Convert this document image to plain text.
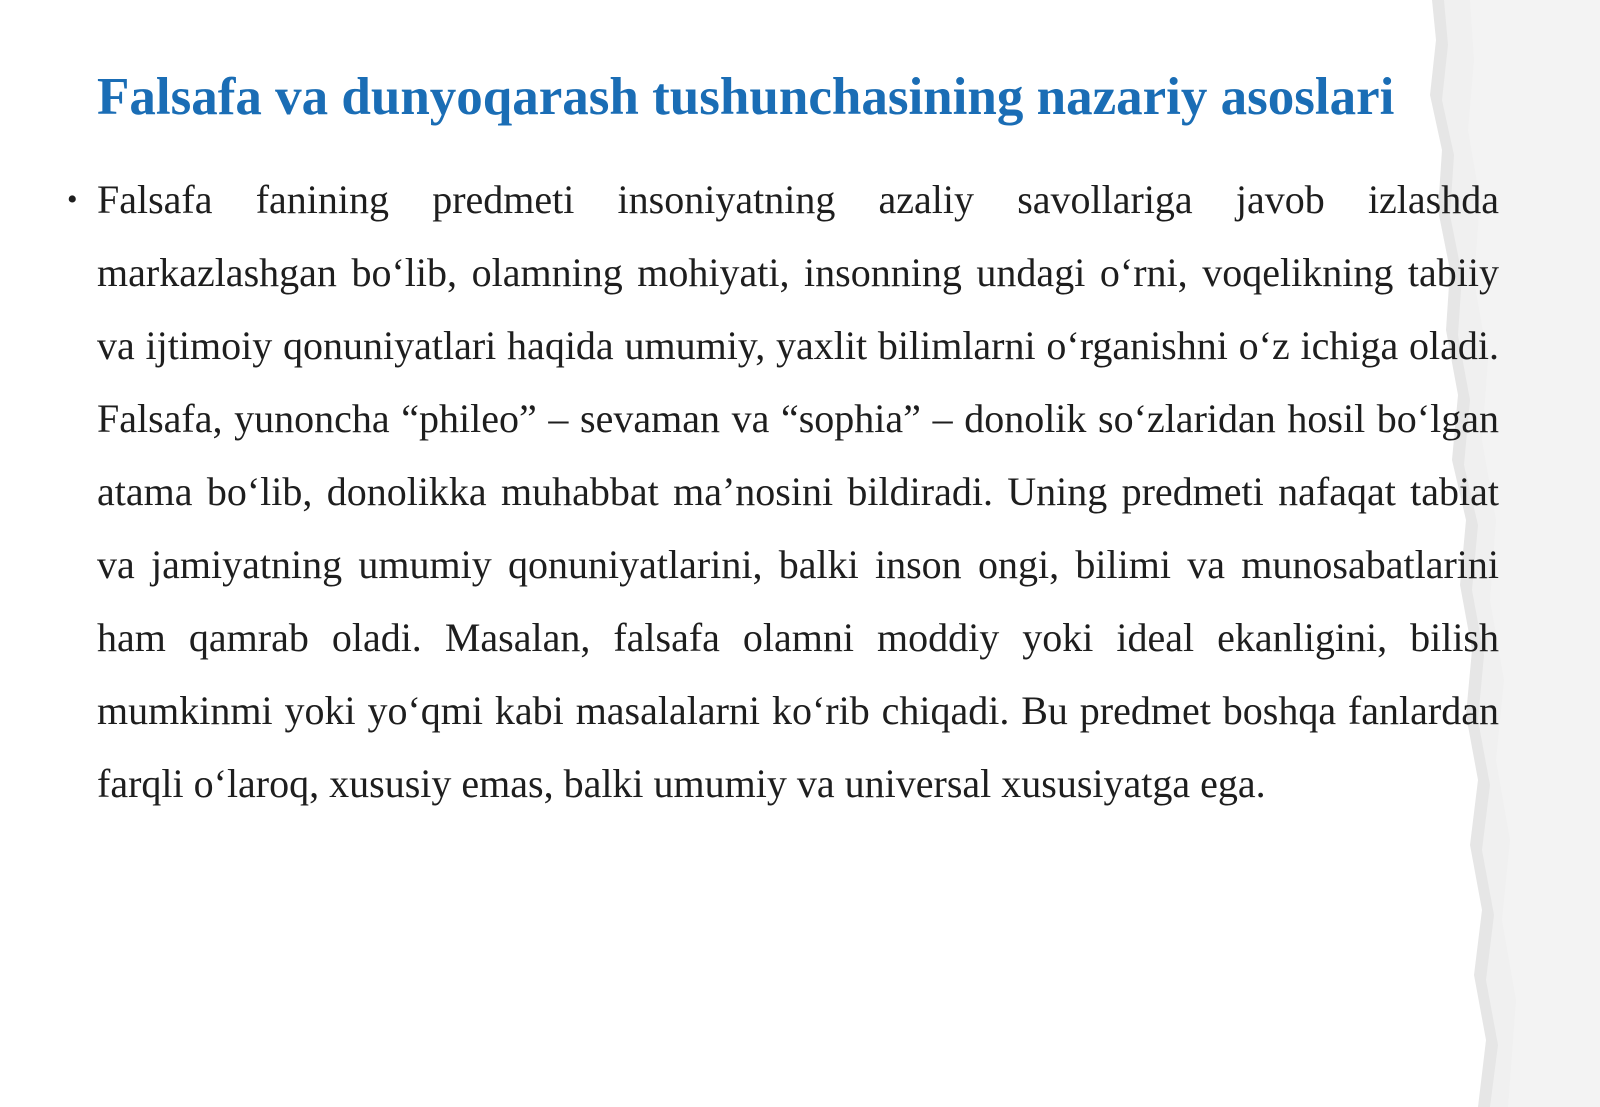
Falsafa va dunyoqarash tushunchasining nazariy asoslari
• Falsafa fanining predmeti insoniyatning azaliy savollariga javob izlashda markazlashgan bo‘lib, olamning mohiyati, insonning undagi o‘rni, voqelikning tabiiy va ijtimoiy qonuniyatlari haqida umumiy, yaxlit bilimlarni o‘rganishni o‘z ichiga oladi. Falsafa, yunoncha “phileo” – sevaman va “sophia” – donolik so‘zlaridan hosil bo‘lgan atama bo‘lib, donolikka muhabbat ma’nosini bildiradi. Uning predmeti nafaqat tabiat va jamiyatning umumiy qonuniyatlarini, balki inson ongi, bilimi va munosabatlarini ham qamrab oladi. Masalan, falsafa olamni moddiy yoki ideal ekanligini, bilish mumkinmi yoki yo‘qmi kabi masalalarni ko‘rib chiqadi. Bu predmet boshqa fanlardan farqli o‘laroq, xususiy emas, balki umumiy va universal xususiyatga ega.
